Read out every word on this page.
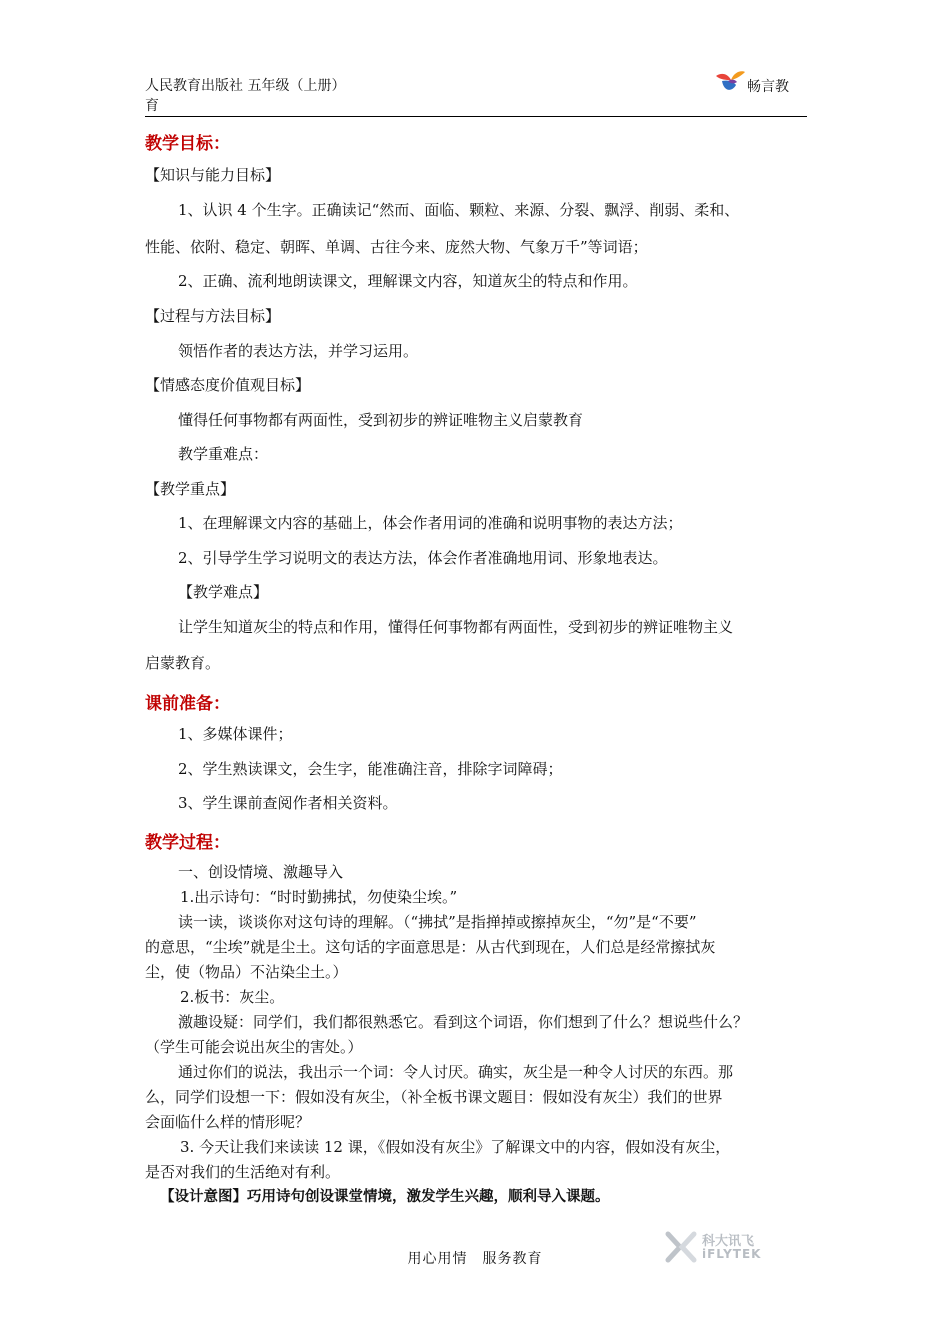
人民教育出版社 五年级（上册）
育
畅言教
教学目标：
课前准备：
教学过程：
【知识与能力目标】
1、认识 4 个生字。正确读记“然而、面临、颗粒、来源、分裂、飘浮、削弱、柔和、
性能、依附、稳定、朝晖、单调、古往今来、庞然大物、气象万千”等词语；
2、正确、流利地朗读课文，理解课文内容，知道灰尘的特点和作用。
【过程与方法目标】
领悟作者的表达方法，并学习运用。
【情感态度价值观目标】
懂得任何事物都有两面性，受到初步的辨证唯物主义启蒙教育
教学重难点：
【教学重点】
1、在理解课文内容的基础上，体会作者用词的准确和说明事物的表达方法；
2、引导学生学习说明文的表达方法，体会作者准确地用词、形象地表达。
【教学难点】
让学生知道灰尘的特点和作用，懂得任何事物都有两面性，受到初步的辨证唯物主义
启蒙教育。
1、多媒体课件；
2、学生熟读课文，会生字，能准确注音，排除字词障碍；
3、学生课前查阅作者相关资料。
一、创设情境、激趣导入
1.出示诗句：“时时勤拂拭，勿使染尘埃。”
读一读，谈谈你对这句诗的理解。（“拂拭”是指掸掉或擦掉灰尘，“勿”是“不要”
的意思，“尘埃”就是尘土。这句话的字面意思是：从古代到现在，人们总是经常擦拭灰
尘，使（物品）不沾染尘土。）
2.板书：灰尘。
激趣设疑：同学们，我们都很熟悉它。看到这个词语，你们想到了什么？想说些什么？
（学生可能会说出灰尘的害处。）
通过你们的说法，我出示一个词：令人讨厌。确实，灰尘是一种令人讨厌的东西。那
么，同学们设想一下：假如没有灰尘，（补全板书课文题目：假如没有灰尘）我们的世界
会面临什么样的情形呢？
3. 今天让我们来读读 12 课，《假如没有灰尘》了解课文中的内容，假如没有灰尘，
是否对我们的生活绝对有利。
【设计意图】巧用诗句创设课堂情境，激发学生兴趣，顺利导入课题。
用心用情　服务教育
科大讯飞
iFLYTEK
